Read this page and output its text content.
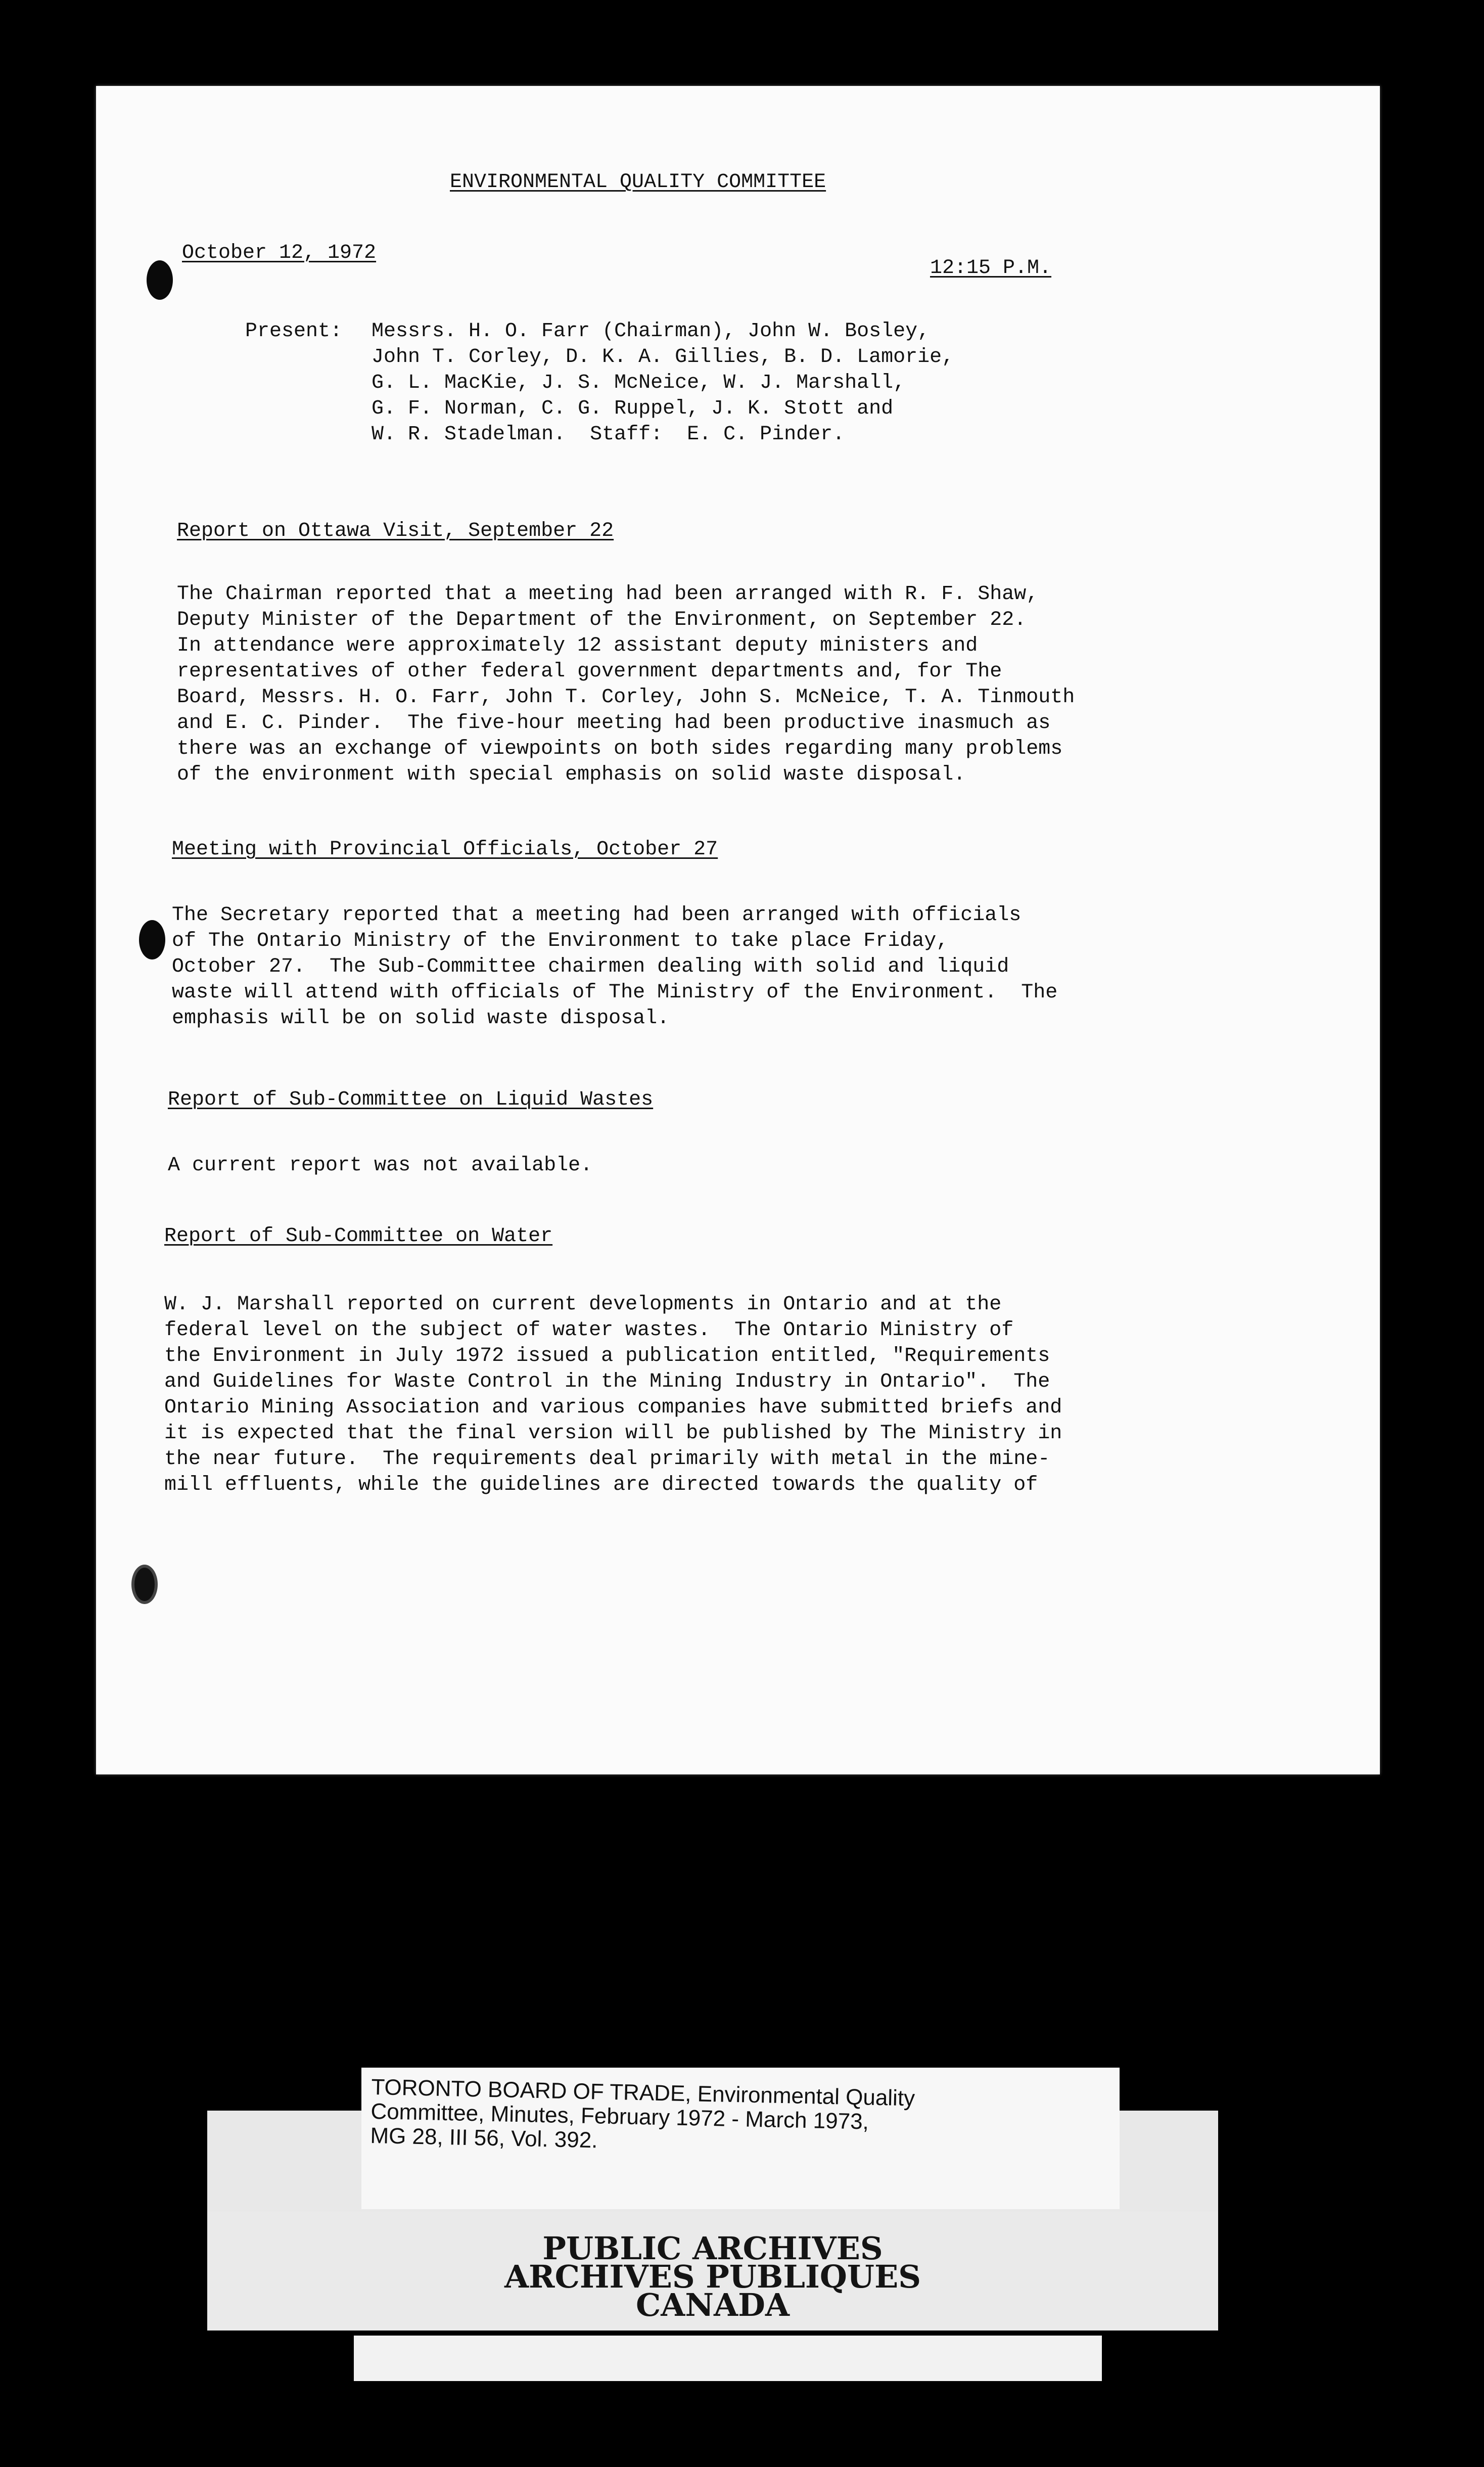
ENVIRONMENTAL QUALITY COMMITTEE
October 12, 1972
12:15 P.M.
Present: Messrs. H. O. Farr (Chairman), John W. Bosley,
John T. Corley, D. K. A. Gillies, B. D. Lamorie,
G. L. MacKie, J. S. McNeice, W. J. Marshall,
G. F. Norman, C. G. Ruppel, J. K. Stott and
W. R. Stadelman.  Staff:  E. C. Pinder.
Report on Ottawa Visit, September 22
The Chairman reported that a meeting had been arranged with R. F. Shaw,
Deputy Minister of the Department of the Environment, on September 22.
In attendance were approximately 12 assistant deputy ministers and
representatives of other federal government departments and, for The
Board, Messrs. H. O. Farr, John T. Corley, John S. McNeice, T. A. Tinmouth
and E. C. Pinder.  The five-hour meeting had been productive inasmuch as
there was an exchange of viewpoints on both sides regarding many problems
of the environment with special emphasis on solid waste disposal.
Meeting with Provincial Officials, October 27
The Secretary reported that a meeting had been arranged with officials
of The Ontario Ministry of the Environment to take place Friday,
October 27.  The Sub-Committee chairmen dealing with solid and liquid
waste will attend with officials of The Ministry of the Environment.  The
emphasis will be on solid waste disposal.
Report of Sub-Committee on Liquid Wastes
A current report was not available.
Report of Sub-Committee on Water
W. J. Marshall reported on current developments in Ontario and at the
federal level on the subject of water wastes.  The Ontario Ministry of
the Environment in July 1972 issued a publication entitled, "Requirements
and Guidelines for Waste Control in the Mining Industry in Ontario".  The
Ontario Mining Association and various companies have submitted briefs and
it is expected that the final version will be published by The Ministry in
the near future.  The requirements deal primarily with metal in the mine-
mill effluents, while the guidelines are directed towards the quality of
TORONTO BOARD OF TRADE, Environmental Quality
Committee, Minutes, February 1972 - March 1973,
MG 28, III 56, Vol. 392.
PUBLIC ARCHIVES
ARCHIVES PUBLIQUES
CANADA
